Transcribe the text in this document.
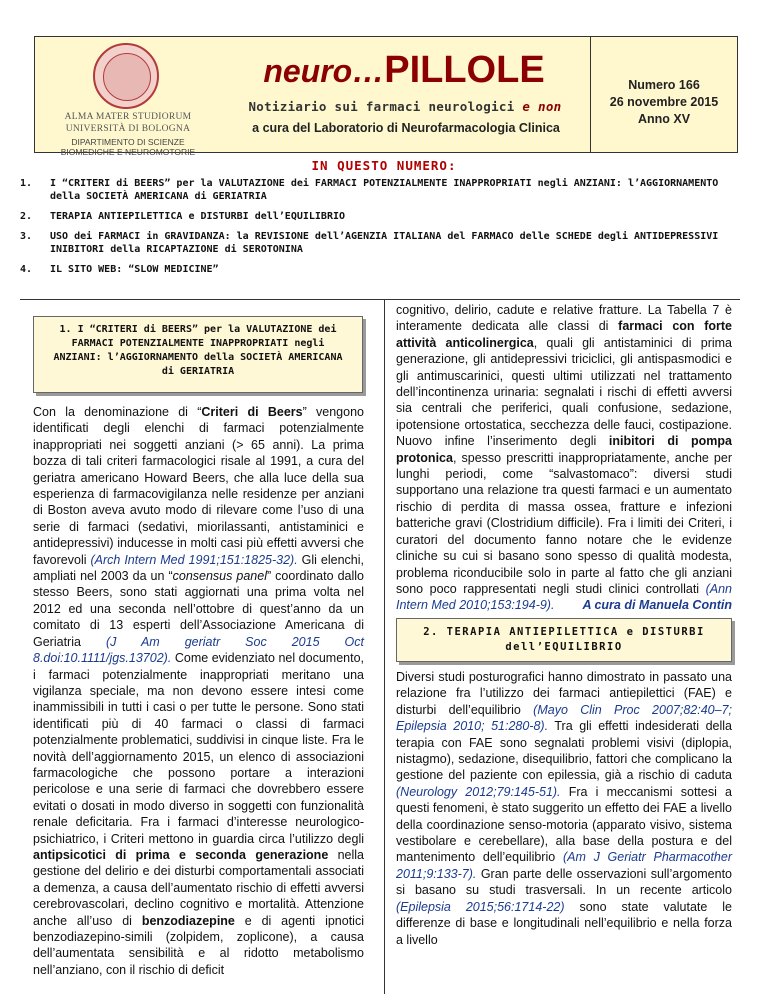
ALMA MATER STUDIORUM
UNIVERSITÀ DI BOLOGNA
DIPARTIMENTO DI SCIENZE
BIOMEDICHE E NEUROMOTORIE
neuro…PILLOLE
Notiziario sui farmaci neurologici e non
a cura del Laboratorio di Neurofarmacologia Clinica
Numero 166
26 novembre 2015
Anno XV
IN QUESTO NUMERO:
1. I “CRITERI di BEERS” per la VALUTAZIONE dei FARMACI POTENZIALMENTE INAPPROPRIATI negli ANZIANI: l’AGGIORNAMENTO della SOCIETÀ AMERICANA di GERIATRIA
2. TERAPIA ANTIEPILETTICA e DISTURBI dell’EQUILIBRIO
3. USO dei FARMACI in GRAVIDANZA: la REVISIONE dell’AGENZIA ITALIANA del FARMACO delle SCHEDE degli ANTIDEPRESSIVI INIBITORI della RICAPTAZIONE di SEROTONINA
4. IL SITO WEB: “SLOW MEDICINE”
1. I “CRITERI di BEERS” per la VALUTAZIONE dei FARMACI POTENZIALMENTE INAPPROPRIATI negli ANZIANI: l’AGGIORNAMENTO della SOCIETÀ AMERICANA di GERIATRIA
Con la denominazione di “Criteri di Beers” vengono identificati degli elenchi di farmaci potenzialmente inappropriati nei soggetti anziani (> 65 anni). La prima bozza di tali criteri farmacologici risale al 1991, a cura del geriatra americano Howard Beers, che alla luce della sua esperienza di farmacovigilanza nelle residenze per anziani di Boston aveva avuto modo di rilevare come l’uso di una serie di farmaci (sedativi, miorilassanti, antistaminici e antidepressivi) inducesse in molti casi più effetti avversi che favorevoli (Arch Intern Med 1991;151:1825-32). Gli elenchi, ampliati nel 2003 da un “consensus panel” coordinato dallo stesso Beers, sono stati aggiornati una prima volta nel 2012 ed una seconda nell’ottobre di quest’anno da un comitato di 13 esperti dell’Associazione Americana di Geriatria (J Am geriatr Soc 2015 Oct 8.doi:10.1111/jgs.13702). Come evidenziato nel documento, i farmaci potenzialmente inappropriati meritano una vigilanza speciale, ma non devono essere intesi come inammissibili in tutti i casi o per tutte le persone. Sono stati identificati più di 40 farmaci o classi di farmaci potenzialmente problematici, suddivisi in cinque liste. Fra le novità dell’aggiornamento 2015, un elenco di associazioni farmacologiche che possono portare a interazioni pericolose e una serie di farmaci che dovrebbero essere evitati o dosati in modo diverso in soggetti con funzionalità renale deficitaria. Fra i farmaci d’interesse neurologico-psichiatrico, i Criteri mettono in guardia circa l’utilizzo degli antipsicotici di prima e seconda generazione nella gestione del delirio e dei disturbi comportamentali associati a demenza, a causa dell’aumentato rischio di effetti avversi cerebrovascolari, declino cognitivo e mortalità. Attenzione anche all’uso di benzodiazepine e di agenti ipnotici benzodiazepino-simili (zolpidem, zoplicone), a causa dell’aumentata sensibilità e al ridotto metabolismo nell’anziano, con il rischio di deficit
cognitivo, delirio, cadute e relative fratture. La Tabella 7 è interamente dedicata alle classi di farmaci con forte attività anticolinergica, quali gli antistaminici di prima generazione, gli antidepressivi triciclici, gli antispasmodici e gli antimuscarinici, questi ultimi utilizzati nel trattamento dell’incontinenza urinaria: segnalati i rischi di effetti avversi sia centrali che periferici, quali confusione, sedazione, ipotensione ortostatica, secchezza delle fauci, costipazione. Nuovo infine l’inserimento degli inibitori di pompa protonica, spesso prescritti inappropriatamente, anche per lunghi periodi, come “salvastomaco”: diversi studi supportano una relazione tra questi farmaci e un aumentato rischio di perdita di massa ossea, fratture e infezioni batteriche gravi (Clostridium difficile). Fra i limiti dei Criteri, i curatori del documento fanno notare che le evidenze cliniche su cui si basano sono spesso di qualità modesta, problema riconducibile solo in parte al fatto che gli anziani sono poco rappresentati negli studi clinici controllati (Ann Intern Med 2010;153:194-9).	A cura di Manuela Contin
2. TERAPIA ANTIEPILETTICA e DISTURBI dell’EQUILIBRIO
Diversi studi posturografici hanno dimostrato in passato una relazione fra l’utilizzo dei farmaci antiepilettici (FAE) e disturbi dell’equilibrio (Mayo Clin Proc 2007;82:40–7; Epilepsia 2010; 51:280-8). Tra gli effetti indesiderati della terapia con FAE sono segnalati problemi visivi (diplopia, nistagmo), sedazione, disequilibrio, fattori che complicano la gestione del paziente con epilessia, già a rischio di caduta (Neurology 2012;79:145-51). Fra i meccanismi sottesi a questi fenomeni, è stato suggerito un effetto dei FAE a livello della coordinazione senso-motoria (apparato visivo, sistema vestibolare e cerebellare), alla base della postura e del mantenimento dell’equilibrio (Am J Geriatr Pharmacother 2011;9:133-7). Gran parte delle osservazioni sull’argomento si basano su studi trasversali. In un recente articolo (Epilepsia 2015;56:1714-22) sono state valutate le differenze di base e longitudinali nell’equilibrio e nella forza a livello
